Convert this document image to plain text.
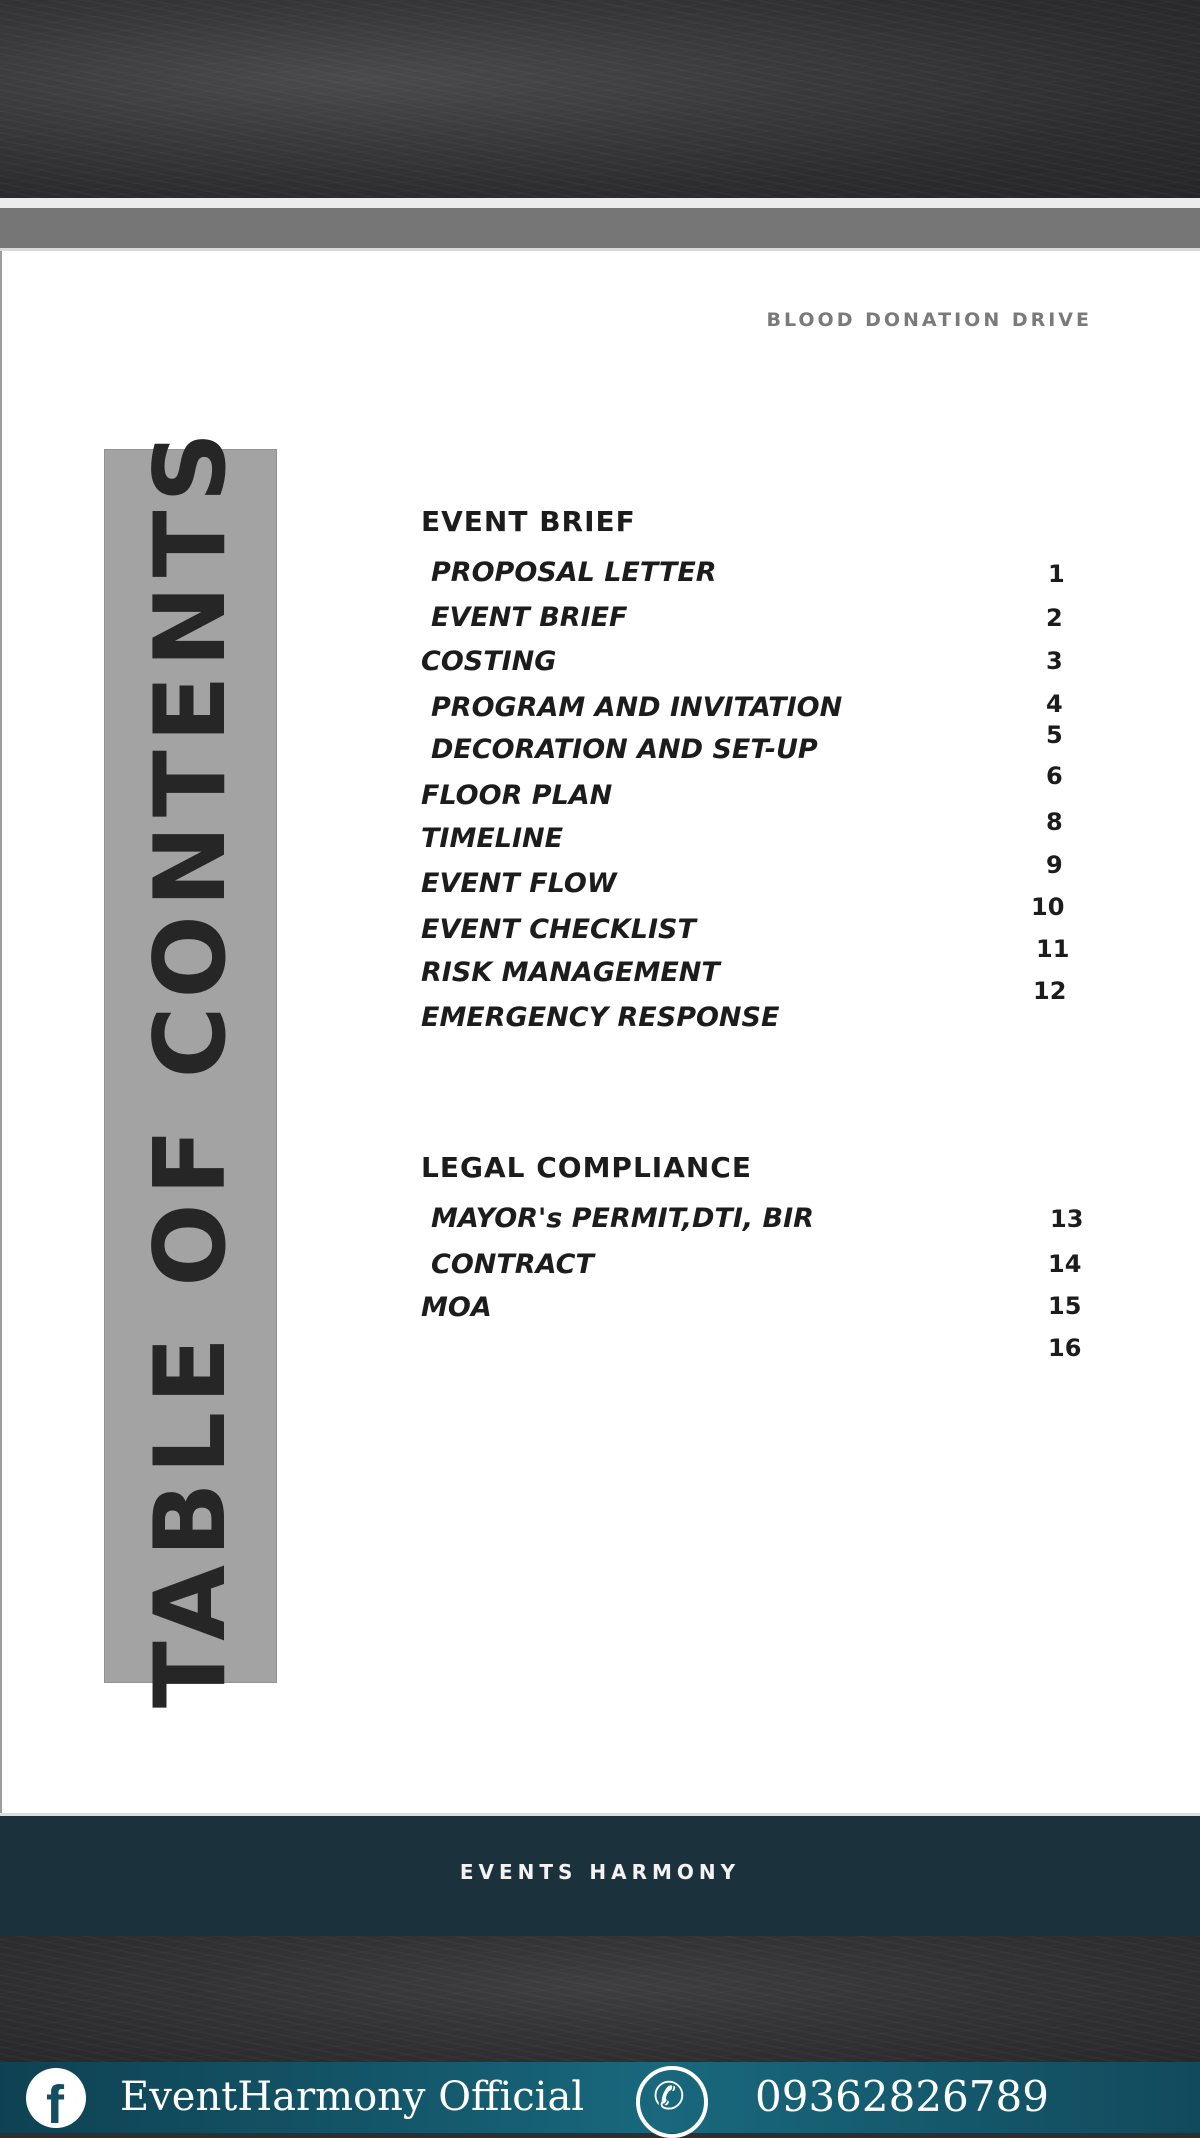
BLOOD DONATION DRIVE
TABLE OF CONTENTS	EVENT BRIEF
PROPOSAL LETTER
EVENT BRIEF
COSTING
PROGRAM AND INVITATION
DECORATION AND SET-UP
FLOOR PLAN
TIMELINE
EVENT FLOW
EVENT CHECKLIST
RISK MANAGEMENT
EMERGENCY RESPONSE
1
2
3
4
5
6
8
9
10
11
12
LEGAL COMPLIANCE
MAYOR's PERMIT,DTI, BIR
CONTRACT
MOA
13
14
15
16
EVENTS HARMONY
f EventHarmony Official ✆ 09362826789
